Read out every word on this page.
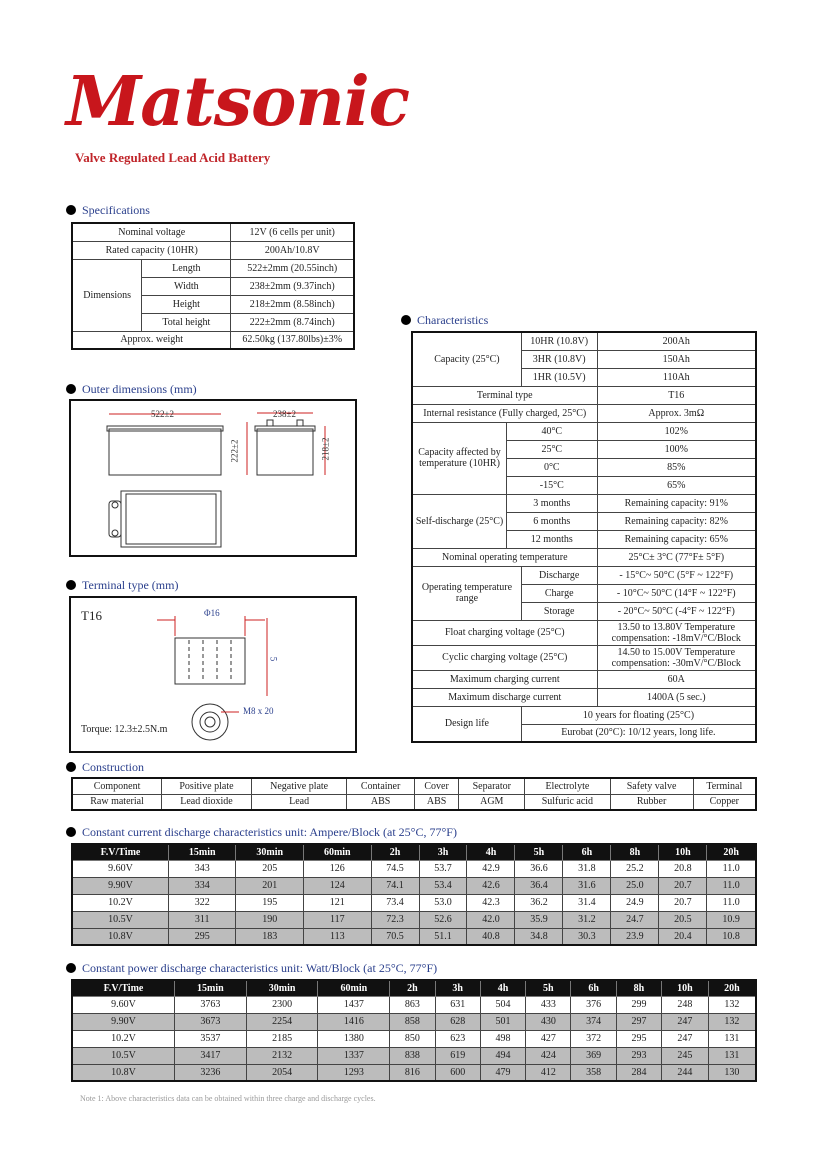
Matsonic
Valve Regulated Lead Acid Battery
Specifications
Nominal voltage		12V (6 cells per unit)
Rated capacity (10HR)		200Ah/10.8V
Dimensions	Length	522±2mm (20.55inch)
	Width	238±2mm (9.37inch)
	Height	218±2mm (8.58inch)
	Total height	222±2mm (8.74inch)
Approx. weight		62.50kg (137.80lbs)±3%
Outer dimensions (mm)
522±2	238±2
222±2	218±2
Terminal type (mm)
T16	Φ16
5
M8 x 20
Torque: 12.3±2.5N.m
Characteristics
Capacity (25°C)		10HR (10.8V)	200Ah
		3HR (10.8V)	150Ah
		1HR (10.5V)	110Ah
Terminal type			T16
Internal resistance (Fully charged, 25°C)			Approx. 3mΩ
Capacity affected by temperature (10HR)	40°C		102%
	25°C		100%
	0°C		85%
	-15°C		65%
Self-discharge (25°C)	3 months		Remaining capacity: 91%
	6 months		Remaining capacity: 82%
	12 months		Remaining capacity: 65%
Nominal operating temperature			25°C± 3°C (77°F± 5°F)
Operating temperature range		Discharge	- 15°C~ 50°C (5°F ~ 122°F)
		Charge	- 10°C~ 50°C (14°F ~ 122°F)
		Storage	- 20°C~ 50°C (-4°F ~ 122°F)
Float charging voltage (25°C)			13.50 to 13.80V Temperature
compensation: -18mV/°C/Block

Cyclic charging voltage (25°C)			14.50 to 15.00V Temperature
compensation: -30mV/°C/Block

Maximum charging current			60A
Maximum discharge current			1400A (5 sec.)
Design life		10 years for floating (25°C)	
		Eurobat (20°C): 10/12 years, long life.	
Construction
Component	Positive plate	Negative plate	Container	Cover	Separator	Electrolyte	Safety valve	Terminal
Raw material	Lead dioxide	Lead	ABS	ABS	AGM	Sulfuric acid	Rubber	Copper
Constant current discharge characteristics unit: Ampere/Block (at 25°C, 77°F)
F.V/Time	15min	30min	60min	2h	3h	4h	5h	6h	8h	10h	20h
9.60V	343	205	126	74.5	53.7	42.9	36.6	31.8	25.2	20.8	11.0
9.90V	334	201	124	74.1	53.4	42.6	36.4	31.6	25.0	20.7	11.0
10.2V	322	195	121	73.4	53.0	42.3	36.2	31.4	24.9	20.7	11.0
10.5V	311	190	117	72.3	52.6	42.0	35.9	31.2	24.7	20.5	10.9
10.8V	295	183	113	70.5	51.1	40.8	34.8	30.3	23.9	20.4	10.8
Constant power discharge characteristics unit: Watt/Block (at 25°C, 77°F)
F.V/Time	15min	30min	60min	2h	3h	4h	5h	6h	8h	10h	20h
9.60V	3763	2300	1437	863	631	504	433	376	299	248	132
9.90V	3673	2254	1416	858	628	501	430	374	297	247	132
10.2V	3537	2185	1380	850	623	498	427	372	295	247	131
10.5V	3417	2132	1337	838	619	494	424	369	293	245	131
10.8V	3236	2054	1293	816	600	479	412	358	284	244	130
Note 1: Above characteristics data can be obtained within three charge and discharge cycles.
